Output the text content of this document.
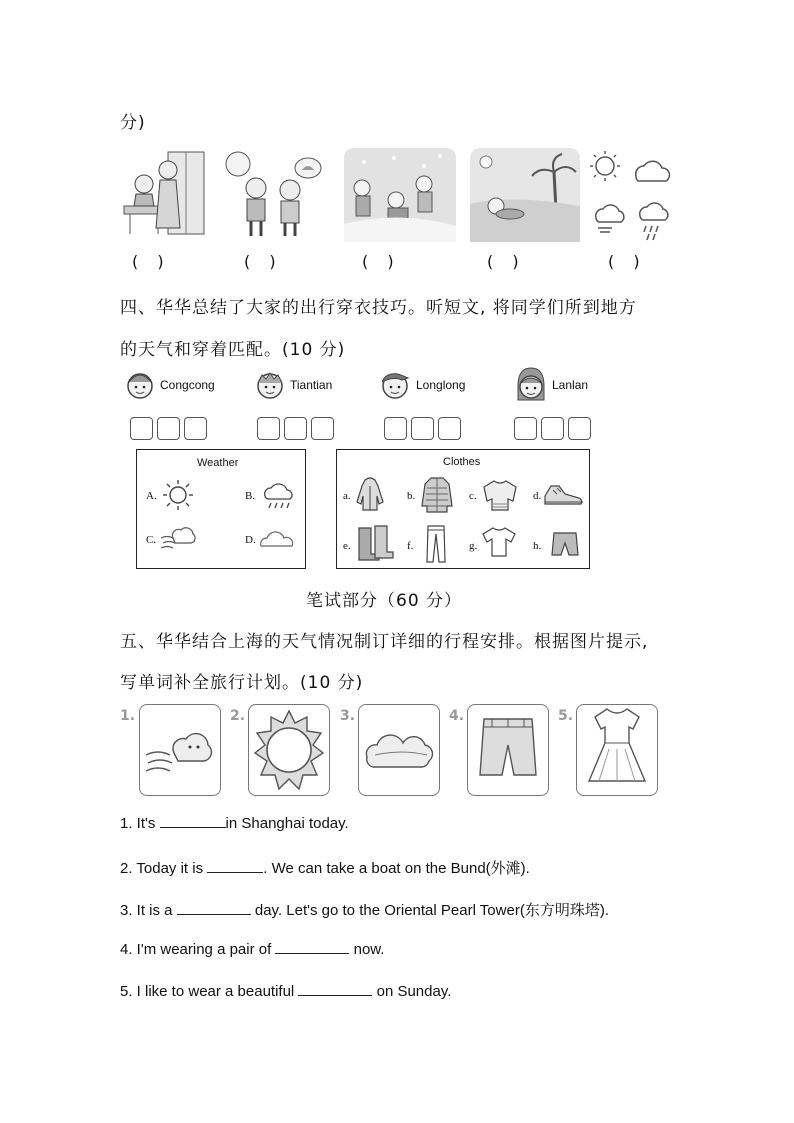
分)
( )	( )	( )	( )	( )
四、华华总结了大家的出行穿衣技巧。听短文, 将同学们所到地方
的天气和穿着匹配。(10 分)
Congcong	Tiantian	Longlong	Lanlan
Weather
A.	B.
C.	D.
Clothes
a.	b.	c.	d.
e.	f.	g.	h.
笔试部分（60 分）
五、华华结合上海的天气情况制订详细的行程安排。根据图片提示,
写单词补全旅行计划。(10 分)
1.	2.	3.	4.	5.
1. It's	in Shanghai today.
2. Today it is	. We can take a boat on the Bund(外滩).
3. It is a	day. Let's go to the Oriental Pearl Tower(东方明珠塔).
4. I'm wearing a pair of	now.
5. I like to wear a beautiful	on Sunday.
